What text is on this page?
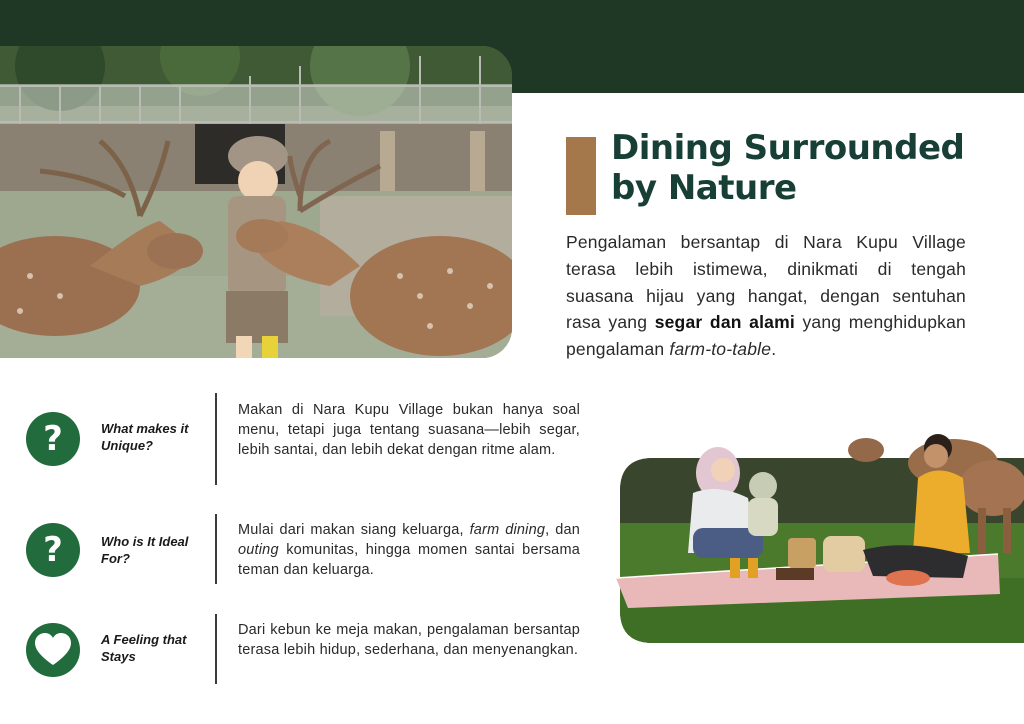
Dining Surrounded
by Nature

Pengalaman bersantap di Nara Kupu Village terasa lebih istimewa, dinikmati di tengah suasana hijau yang hangat, dengan sentuhan rasa yang segar dan alami yang menghidupkan pengalaman farm-to-table.

?	What makes it Unique?

Makan di Nara Kupu Village bukan hanya soal menu, tetapi juga tentang suasana—lebih segar, lebih santai, dan lebih dekat dengan ritme alam.

?	Who is It Ideal For?

Mulai dari makan siang keluarga, farm dining, dan outing komunitas, hingga momen santai bersama teman dan keluarga.

A Feeling that Stays

Dari kebun ke meja makan, pengalaman bersantap terasa lebih hidup, sederhana, dan menyenangkan.
